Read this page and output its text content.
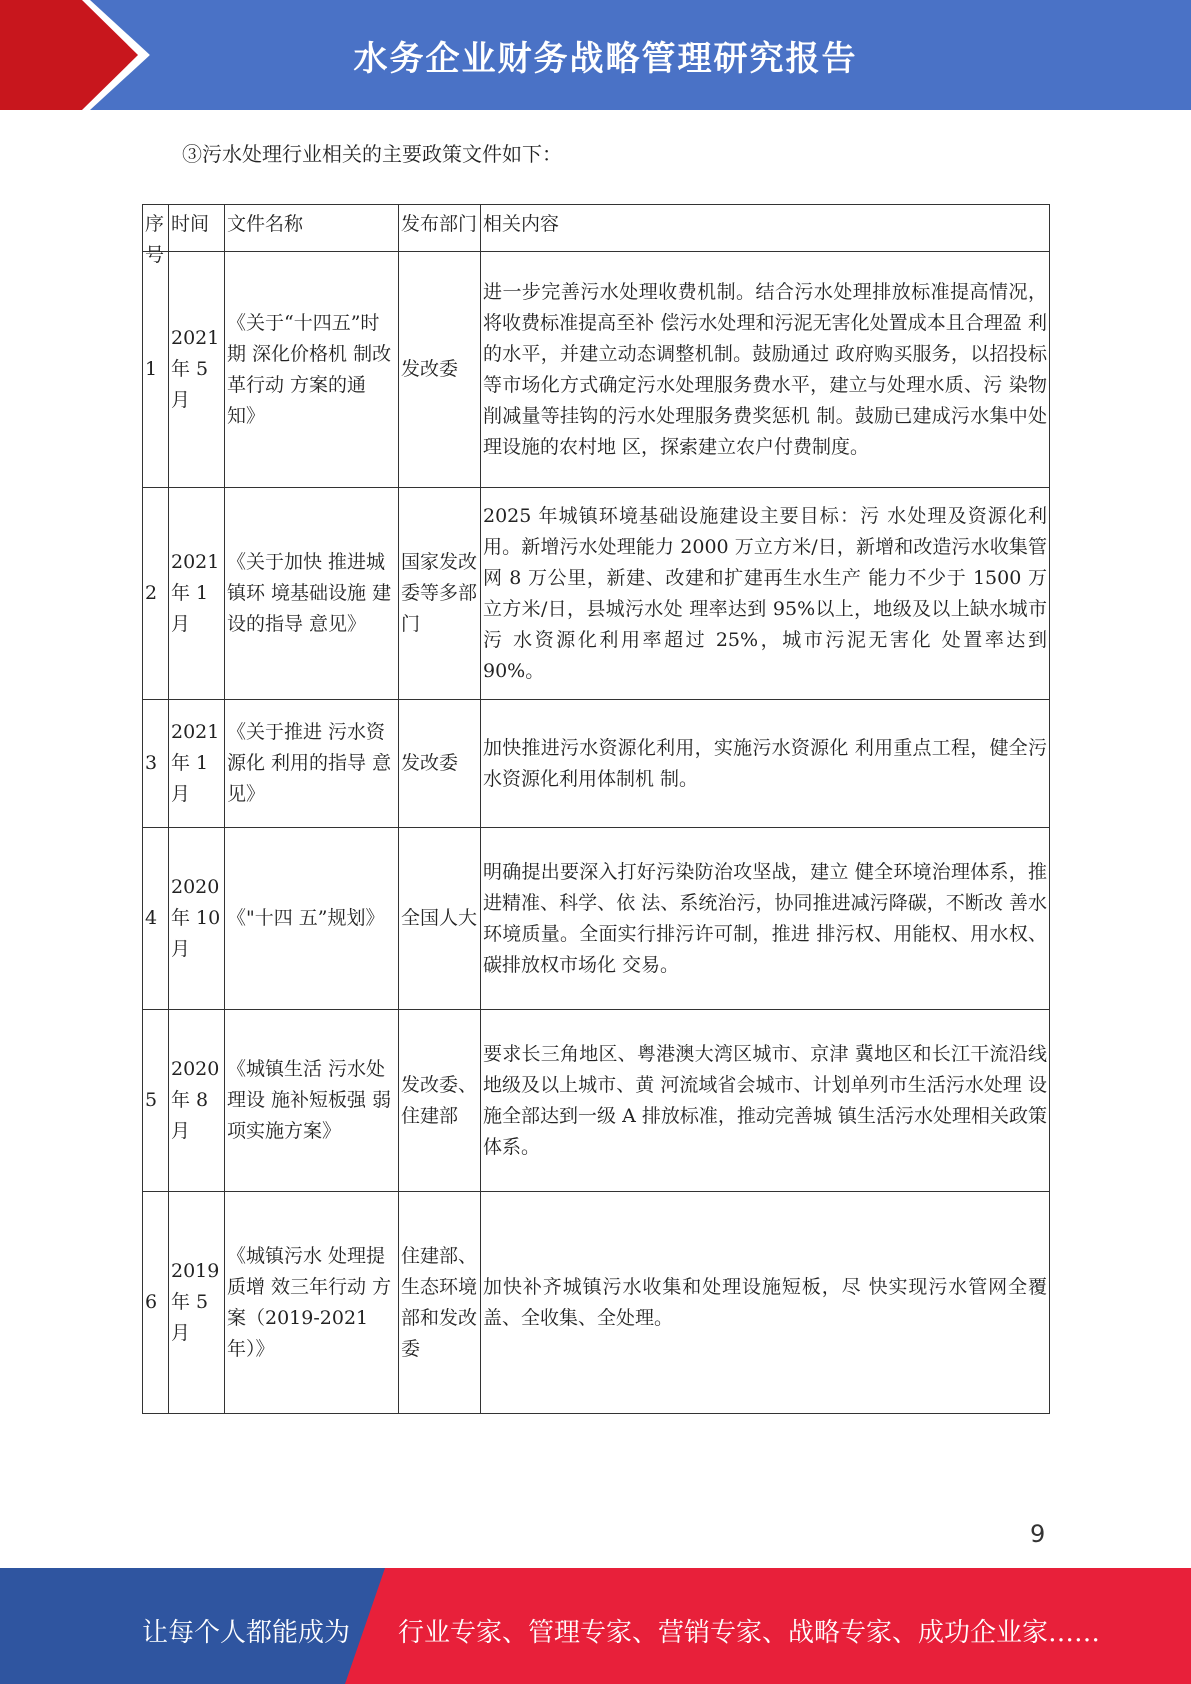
水务企业财务战略管理研究报告
③污水处理行业相关的主要政策文件如下：
序号	时间	文件名称	发布部门	相关内容
1	2021 年 5 月	《关于“十四五”时期 深化价格机 制改革行动 方案的通 知》	发改委	进一步完善污水处理收费机制。结合污水处理排放标准提高情况，将收费标准提高至补 偿污水处理和污泥无害化处置成本且合理盈 利的水平，并建立动态调整机制。鼓励通过 政府购买服务，以招投标等市场化方式确定污水处理服务费水平，建立与处理水质、污 染物削减量等挂钩的污水处理服务费奖惩机 制。鼓励已建成污水集中处理设施的农村地 区，探索建立农户付费制度。
2	2021 年 1 月	《关于加快 推进城镇环 境基础设施 建设的指导 意见》	国家发改 委等多部 门	2025 年城镇环境基础设施建设主要目标：污 水处理及资源化利用。新增污水处理能力 2000 万立方米/日，新增和改造污水收集管 网 8 万公里，新建、改建和扩建再生水生产 能力不少于 1500 万立方米/日，县城污水处 理率达到 95%以上，地级及以上缺水城市污 水资源化利用率超过 25%，城市污泥无害化 处置率达到 90%。
3	2021 年 1 月	《关于推进 污水资源化 利用的指导 意见》	发改委	加快推进污水资源化利用，实施污水资源化 利用重点工程，健全污水资源化利用体制机 制。
4	2020 年 10 月	《"十四 五”规划》	全国人大	明确提出要深入打好污染防治攻坚战，建立 健全环境治理体系，推进精准、科学、依 法、系统治污，协同推进减污降碳，不断改 善水环境质量。全面实行排污许可制，推进 排污权、用能权、用水权、碳排放权市场化 交易。
5	2020 年 8 月	《城镇生活 污水处理设 施补短板强 弱项实施方案》	发改委、 住建部	要求长三角地区、粤港澳大湾区城市、京津 冀地区和长江干流沿线地级及以上城市、黄 河流域省会城市、计划单列市生活污水处理 设施全部达到一级 A 排放标准，推动完善城 镇生活污水处理相关政策体系。
6	2019 年 5 月	《城镇污水 处理提质增 效三年行动 方案（2019-2021 年）》	住建部、 生态环境部和发改 委	加快补齐城镇污水收集和处理设施短板，尽 快实现污水管网全覆盖、全收集、全处理。
9
让每个人都能成为 行业专家、管理专家、营销专家、战略专家、成功企业家……
